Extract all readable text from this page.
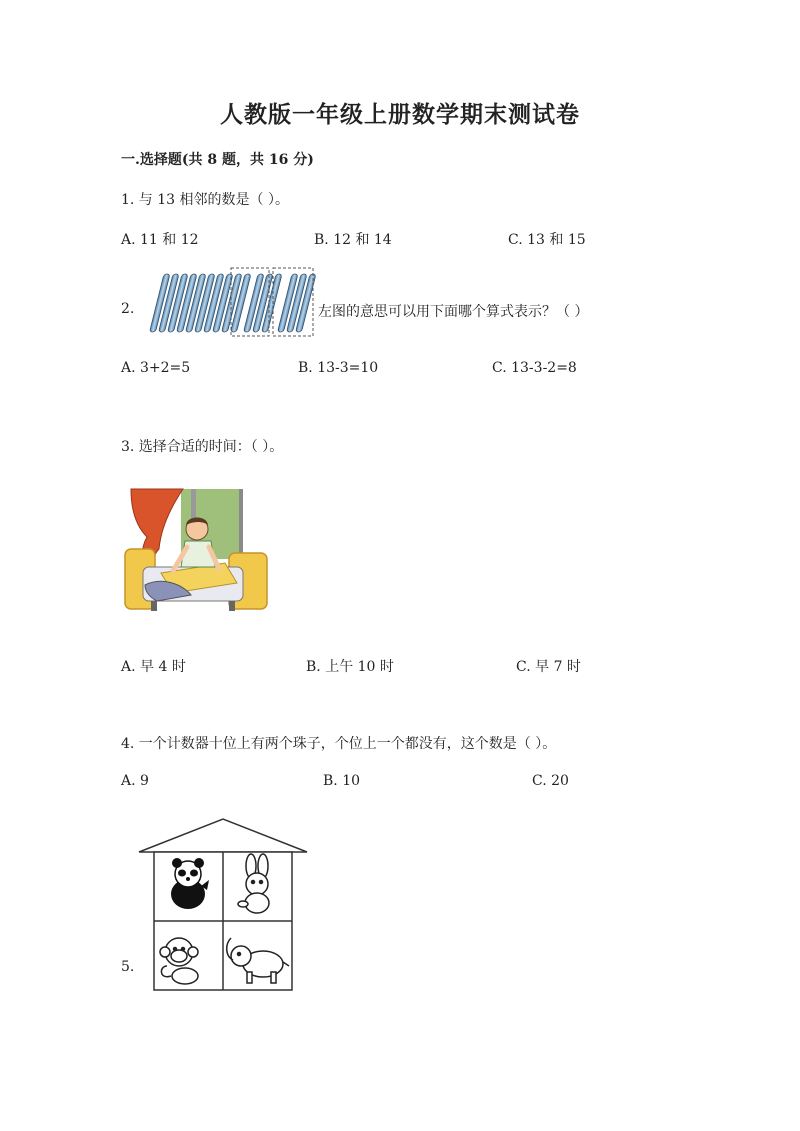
人教版一年级上册数学期末测试卷
一.选择题(共 8 题，共 16 分)
1. 与 13 相邻的数是（ ）。
A. 11 和 12	B. 12 和 14	C. 13 和 15
2.	左图的意思可以用下面哪个算式表示？（ ）
A. 3+2=5	B. 13-3=10	C. 13-3-2=8
3. 选择合适的时间：（ ）。
A. 早 4 时	B. 上午 10 时	C. 早 7 时
4. 一个计数器十位上有两个珠子，个位上一个都没有，这个数是（ ）。
A. 9	B. 10	C. 20
5.
